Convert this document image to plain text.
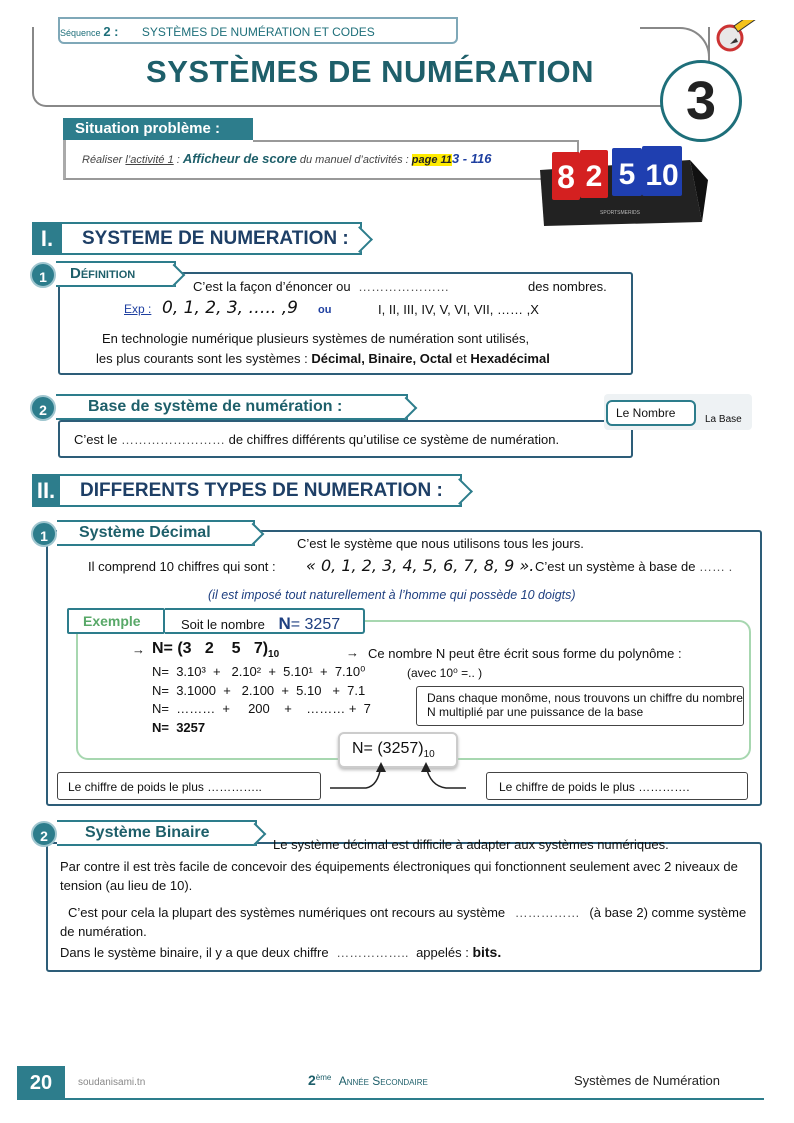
Séquence 2 : SYSTÈMES DE NUMÉRATION ET CODES
SYSTÈMES DE NUMÉRATION	3
Situation problème :
Réaliser l’activité 1 : Afficheur de score du manuel d’activités : page 113 - 116
8 2 5 10
SPORTSMERIDS
I.	SYSTEME DE NUMERATION :
1	Définition
C’est la façon d’énoncer ou …………………	des nombres.
Exp : 0, 1, 2, 3, ….. ,9 ou	I, II, III, IV, V, VI, VII, …… ,X
En technologie numérique plusieurs systèmes de numération sont utilisés,
les plus courants sont les systèmes : Décimal, Binaire, Octal et Hexadécimal
2	Base de système de numération :
C’est le …………………… de chiffres différents qu’utilise ce système de numération.
Le Nombre	La Base
II.	DIFFERENTS TYPES DE NUMERATION :
1	Système Décimal
C’est le système que nous utilisons tous les jours.
Il comprend 10 chiffres qui sont : « 0, 1, 2, 3, 4, 5, 6, 7, 8, 9 ». C’est un système à base de …… .
(il est imposé tout naturellement à l’homme qui possède 10 doigts)
Exemple	Soit le nombre N= 3257
→ N= (3   2    5   $7)_{10}$	→ Ce nombre N peut être écrit sous forme du polynôme :
N=  3.10³  +   2.10²  +  5.10¹  +  7.10⁰	(avec 10⁰ =.. )
N=  3.1000  +   2.100  +  5.10   +  7.1
N=  ………  +     200    +    ……… +  7
N=  3257
Dans chaque monôme, nous trouvons un chiffre du nombre N multiplié par une puissance de la base
$N= (3257)_{10}$
Le chiffre de poids le plus …………..	Le chiffre de poids le plus ………….
2	Système Binaire
Le système décimal est difficile à adapter aux systèmes numériques.
Par contre il est très facile de concevoir des équipements électroniques qui fonctionnent seulement avec 2 niveaux de tension (au lieu de 10).
C’est pour cela la plupart des systèmes numériques ont recours au système …………… (à base 2) comme système de numération.
Dans le système binaire, il y a que deux chiffre …………….. appelés : bits.
20	soudanisami.tn	2ème Année Secondaire	Systèmes de Numération
